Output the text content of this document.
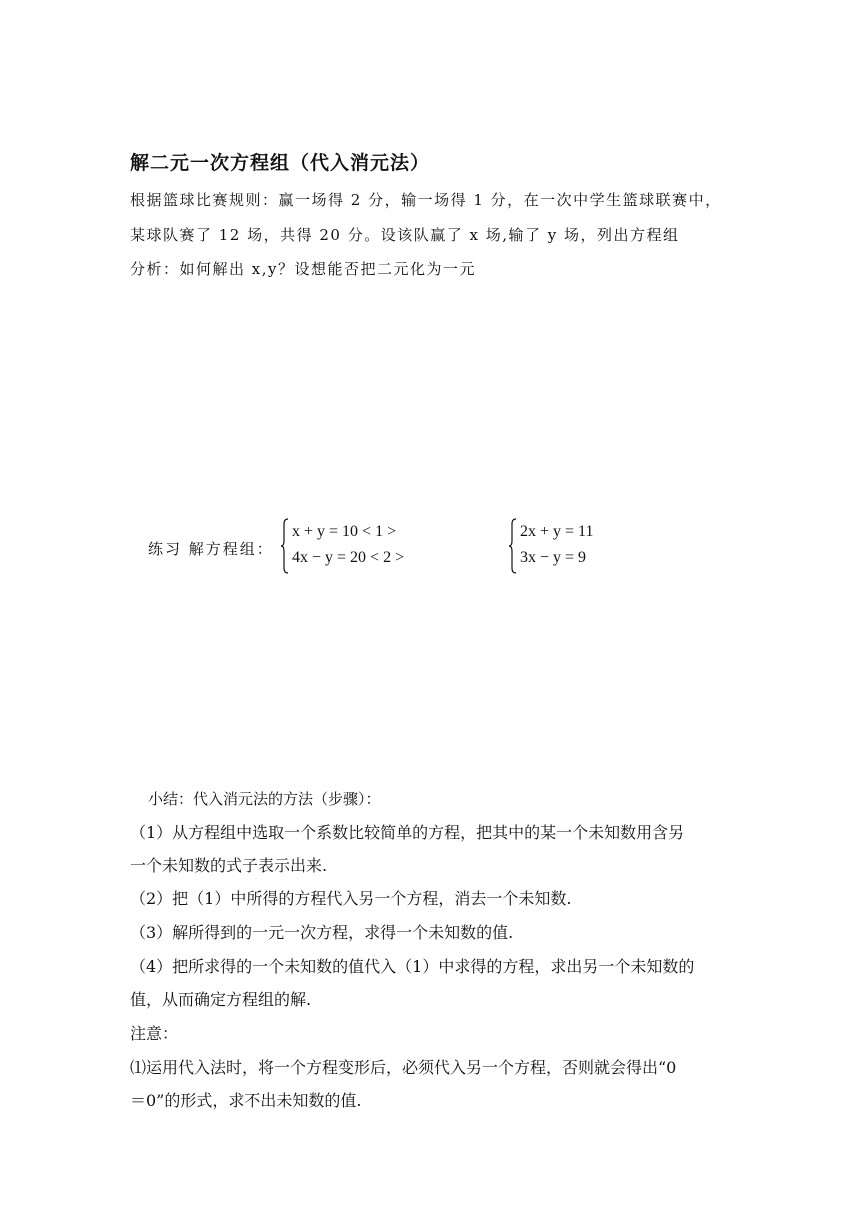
解二元一次方程组（代入消元法）
根据篮球比赛规则：赢一场得 2 分，输一场得 1 分，在一次中学生篮球联赛中，
某球队赛了 12 场，共得 20 分。设该队赢了 x 场,输了 y 场，列出方程组
分析：如何解出 x,y？设想能否把二元化为一元
练习 解方程组：
x + y = 10 < 1 >
4x − y = 20 < 2 >
2x + y = 11
3x − y = 9
小结：代入消元法的方法（步骤）：
（1）从方程组中选取一个系数比较简单的方程，把其中的某一个未知数用含另
一个未知数的式子表示出来.
（2）把（1）中所得的方程代入另一个方程，消去一个未知数.
（3）解所得到的一元一次方程，求得一个未知数的值.
（4）把所求得的一个未知数的值代入（1）中求得的方程，求出另一个未知数的
值，从而确定方程组的解.
注意：
⑴运用代入法时，将一个方程变形后，必须代入另一个方程，否则就会得出“0
＝0”的形式，求不出未知数的值.
